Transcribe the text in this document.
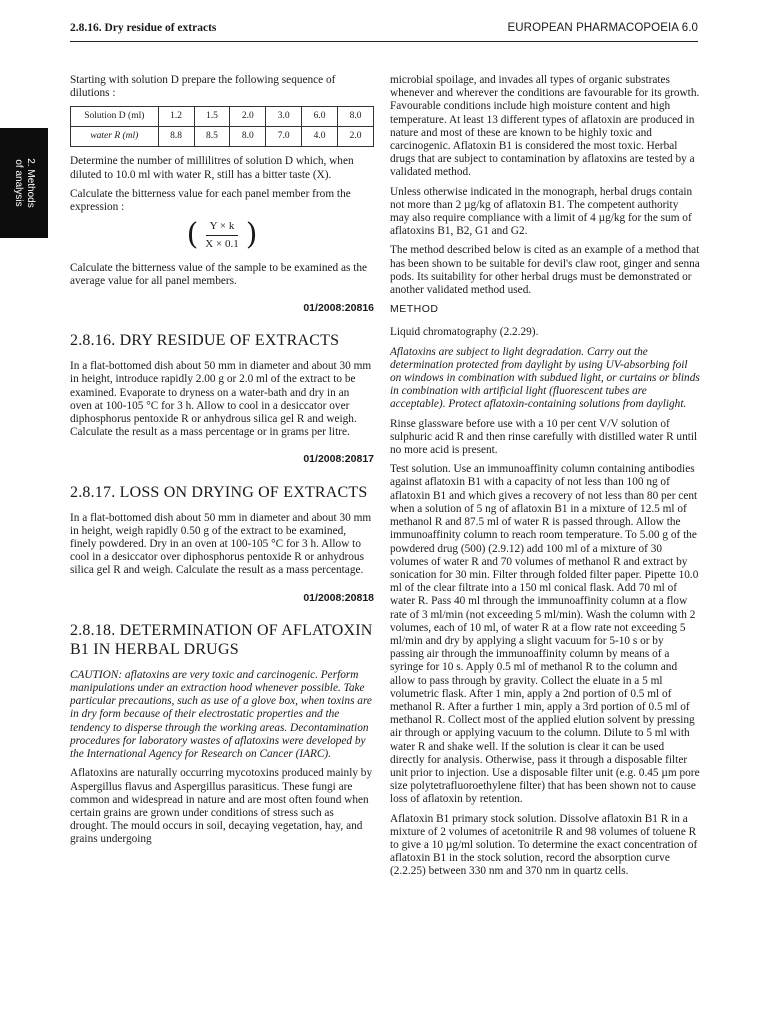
2.8.16. Dry residue of extracts	EUROPEAN PHARMACOPOEIA 6.0
2. Methods
of analysis

Starting with solution D prepare the following sequence of dilutions :

Solution D (ml)	1.2	1.5	2.0	3.0	6.0	8.0
water R (ml)	8.8	8.5	8.0	7.0	4.0	2.0

Determine the number of millilitres of solution D which, when diluted to 10.0 ml with water R, still has a bitter taste (X).

Calculate the bitterness value for each panel member from the expression :

( $\frac{Y \times k}{X \times 0.1}$ )

Calculate the bitterness value of the sample to be examined as the average value for all panel members.

01/2008:20816
2.8.16. DRY RESIDUE OF EXTRACTS

In a flat-bottomed dish about 50 mm in diameter and about 30 mm in height, introduce rapidly 2.00 g or 2.0 ml of the extract to be examined. Evaporate to dryness on a water-bath and dry in an oven at 100-105 °C for 3 h. Allow to cool in a desiccator over diphosphorus pentoxide R or anhydrous silica gel R and weigh. Calculate the result as a mass percentage or in grams per litre.

01/2008:20817
2.8.17. LOSS ON DRYING OF EXTRACTS

In a flat-bottomed dish about 50 mm in diameter and about 30 mm in height, weigh rapidly 0.50 g of the extract to be examined, finely powdered. Dry in an oven at 100-105 °C for 3 h. Allow to cool in a desiccator over diphosphorus pentoxide R or anhydrous silica gel R and weigh. Calculate the result as a mass percentage.

01/2008:20818
2.8.18. DETERMINATION OF AFLATOXIN B1 IN HERBAL DRUGS

CAUTION: aflatoxins are very toxic and carcinogenic. Perform manipulations under an extraction hood whenever possible. Take particular precautions, such as use of a glove box, when toxins are in dry form because of their electrostatic properties and the tendency to disperse through the working areas. Decontamination procedures for laboratory wastes of aflatoxins were developed by the International Agency for Research on Cancer (IARC).

Aflatoxins are naturally occurring mycotoxins produced mainly by Aspergillus flavus and Aspergillus parasiticus. These fungi are common and widespread in nature and are most often found when certain grains are grown under conditions of stress such as drought. The mould occurs in soil, decaying vegetation, hay, and grains undergoing

microbial spoilage, and invades all types of organic substrates whenever and wherever the conditions are favourable for its growth. Favourable conditions include high moisture content and high temperature. At least 13 different types of aflatoxin are produced in nature and most of these are known to be highly toxic and carcinogenic. Aflatoxin B1 is considered the most toxic. Herbal drugs that are subject to contamination by aflatoxins are tested by a validated method.

Unless otherwise indicated in the monograph, herbal drugs contain not more than 2 µg/kg of aflatoxin B1. The competent authority may also require compliance with a limit of 4 µg/kg for the sum of aflatoxins B1, B2, G1 and G2.

The method described below is cited as an example of a method that has been shown to be suitable for devil's claw root, ginger and senna pods. Its suitability for other herbal drugs must be demonstrated or another validated method used.

METHOD

Liquid chromatography (2.2.29).

Aflatoxins are subject to light degradation. Carry out the determination protected from daylight by using UV-absorbing foil on windows in combination with subdued light, or curtains or blinds in combination with artificial light (fluorescent tubes are acceptable). Protect aflatoxin-containing solutions from daylight.

Rinse glassware before use with a 10 per cent V/V solution of sulphuric acid R and then rinse carefully with distilled water R until no more acid is present.

Test solution. Use an immunoaffinity column containing antibodies against aflatoxin B1 with a capacity of not less than 100 ng of aflatoxin B1 and which gives a recovery of not less than 80 per cent when a solution of 5 ng of aflatoxin B1 in a mixture of 12.5 ml of methanol R and 87.5 ml of water R is passed through. Allow the immunoaffinity column to reach room temperature. To 5.00 g of the powdered drug (500) (2.9.12) add 100 ml of a mixture of 30 volumes of water R and 70 volumes of methanol R and extract by sonication for 30 min. Filter through folded filter paper. Pipette 10.0 ml of the clear filtrate into a 150 ml conical flask. Add 70 ml of water R. Pass 40 ml through the immunoaffinity column at a flow rate of 3 ml/min (not exceeding 5 ml/min). Wash the column with 2 volumes, each of 10 ml, of water R at a flow rate not exceeding 5 ml/min and dry by applying a slight vacuum for 5-10 s or by passing air through the immunoaffinity column by means of a syringe for 10 s. Apply 0.5 ml of methanol R to the column and allow to pass through by gravity. Collect the eluate in a 5 ml volumetric flask. After 1 min, apply a 2nd portion of 0.5 ml of methanol R. After a further 1 min, apply a 3rd portion of 0.5 ml of methanol R. Collect most of the applied elution solvent by pressing air through or applying vacuum to the column. Dilute to 5 ml with water R and shake well. If the solution is clear it can be used directly for analysis. Otherwise, pass it through a disposable filter unit prior to injection. Use a disposable filter unit (e.g. 0.45 µm pore size polytetrafluoroethylene filter) that has been shown not to cause loss of aflatoxin by retention.

Aflatoxin B1 primary stock solution. Dissolve aflatoxin B1 R in a mixture of 2 volumes of acetonitrile R and 98 volumes of toluene R to give a 10 µg/ml solution. To determine the exact concentration of aflatoxin B1 in the stock solution, record the absorption curve (2.2.25) between 330 nm and 370 nm in quartz cells.
